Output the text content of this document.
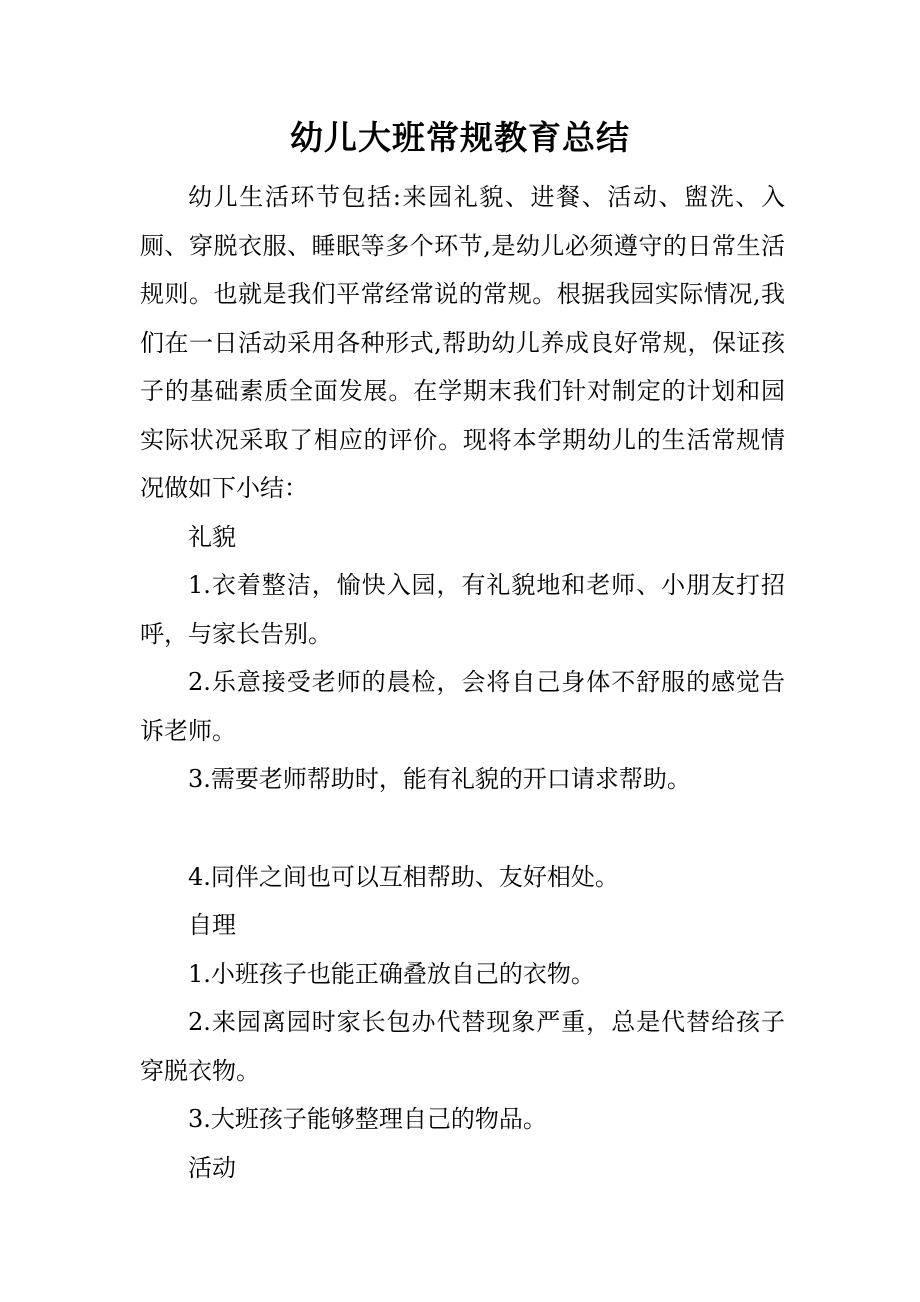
幼儿大班常规教育总结

幼儿生活环节包括:来园礼貌、进餐、活动、盥洗、入厕、穿脱衣服、睡眠等多个环节,是幼儿必须遵守的日常生活规则。也就是我们平常经常说的常规。根据我园实际情况,我们在一日活动采用各种形式,帮助幼儿养成良好常规，保证孩子的基础素质全面发展。在学期末我们针对制定的计划和园实际状况采取了相应的评价。现将本学期幼儿的生活常规情况做如下小结：

礼貌

1.衣着整洁，愉快入园，有礼貌地和老师、小朋友打招呼，与家长告别。

2.乐意接受老师的晨检，会将自己身体不舒服的感觉告诉老师。

3.需要老师帮助时，能有礼貌的开口请求帮助。

4.同伴之间也可以互相帮助、友好相处。

自理

1.小班孩子也能正确叠放自己的衣物。

2.来园离园时家长包办代替现象严重，总是代替给孩子穿脱衣物。

3.大班孩子能够整理自己的物品。

活动
